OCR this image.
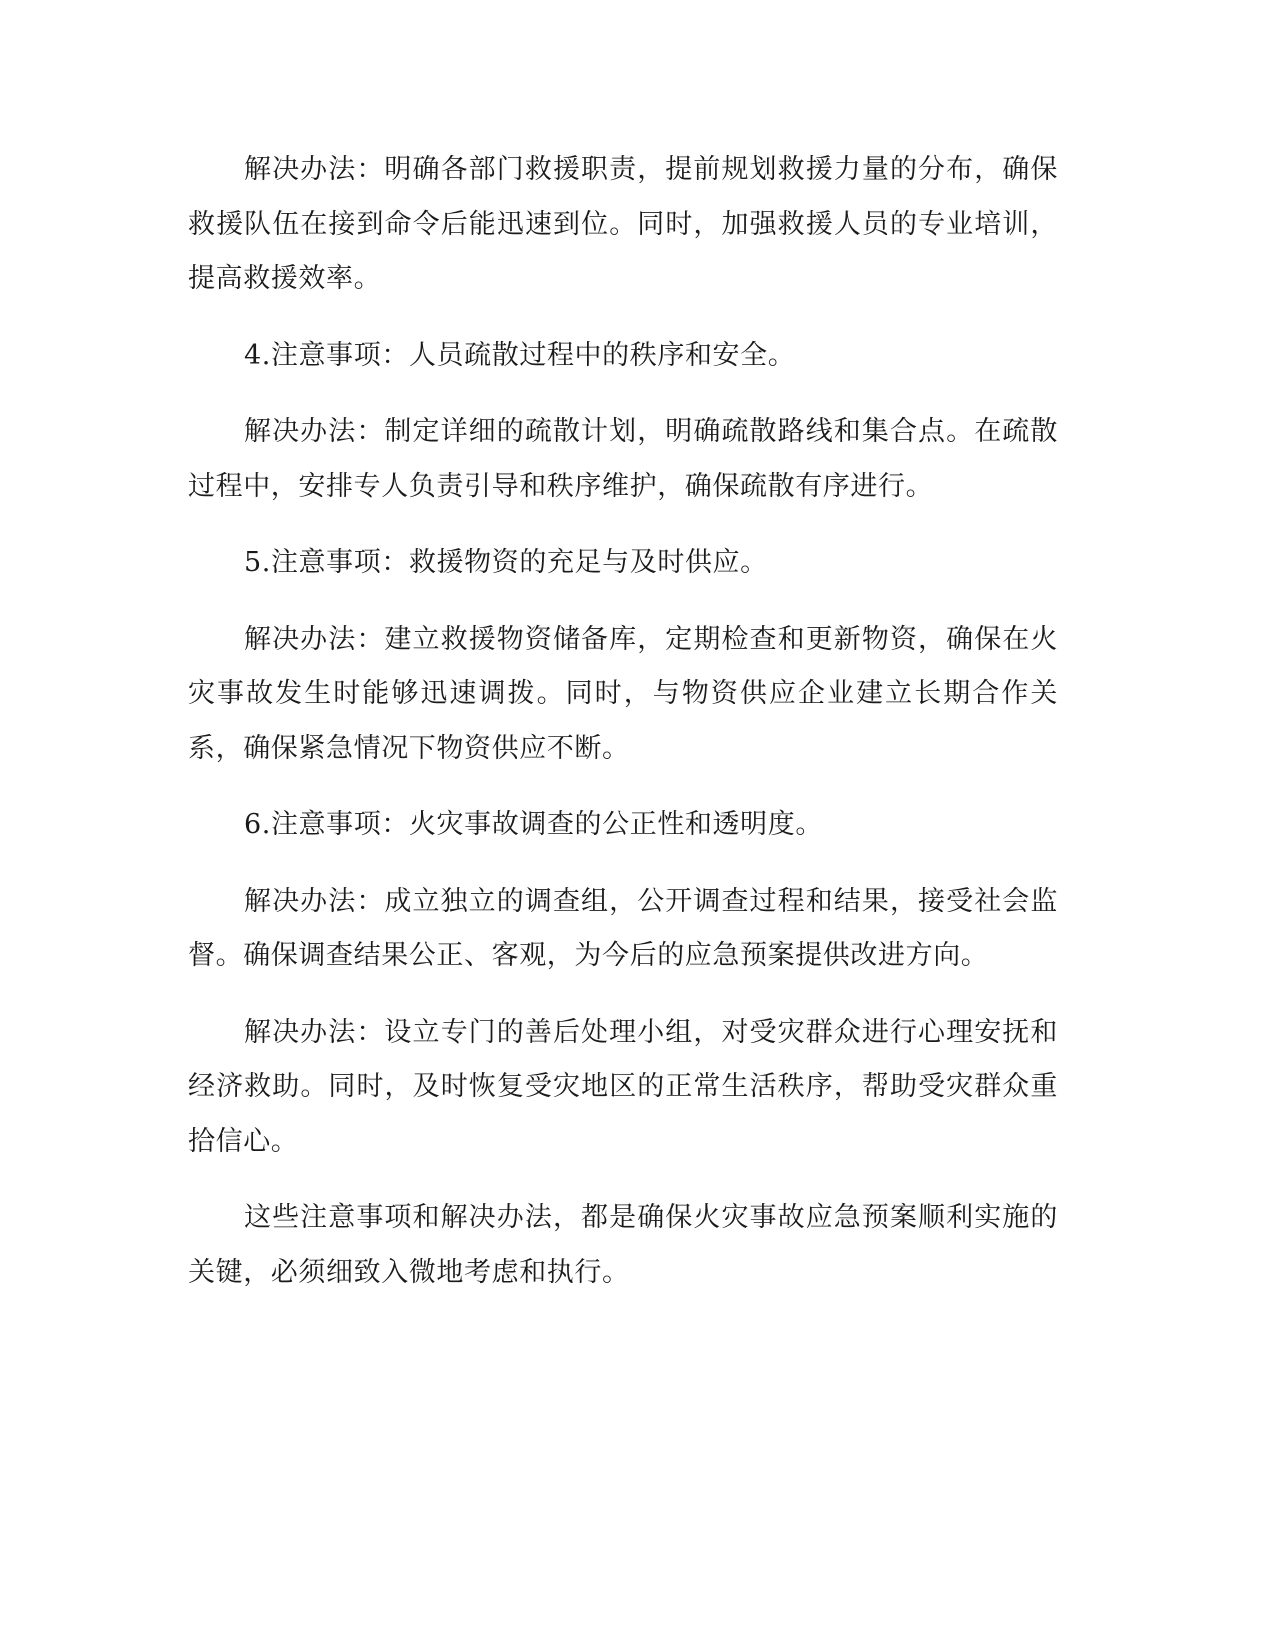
解决办法：明确各部门救援职责，提前规划救援力量的分布，确保救援队伍在接到命令后能迅速到位。同时，加强救援人员的专业培训，提高救援效率。

4.注意事项：人员疏散过程中的秩序和安全。

解决办法：制定详细的疏散计划，明确疏散路线和集合点。在疏散过程中，安排专人负责引导和秩序维护，确保疏散有序进行。

5.注意事项：救援物资的充足与及时供应。

解决办法：建立救援物资储备库，定期检查和更新物资，确保在火灾事故发生时能够迅速调拨。同时，与物资供应企业建立长期合作关系，确保紧急情况下物资供应不断。

6.注意事项：火灾事故调查的公正性和透明度。

解决办法：成立独立的调查组，公开调查过程和结果，接受社会监督。确保调查结果公正、客观，为今后的应急预案提供改进方向。

解决办法：设立专门的善后处理小组，对受灾群众进行心理安抚和经济救助。同时，及时恢复受灾地区的正常生活秩序，帮助受灾群众重拾信心。

这些注意事项和解决办法，都是确保火灾事故应急预案顺利实施的关键，必须细致入微地考虑和执行。
